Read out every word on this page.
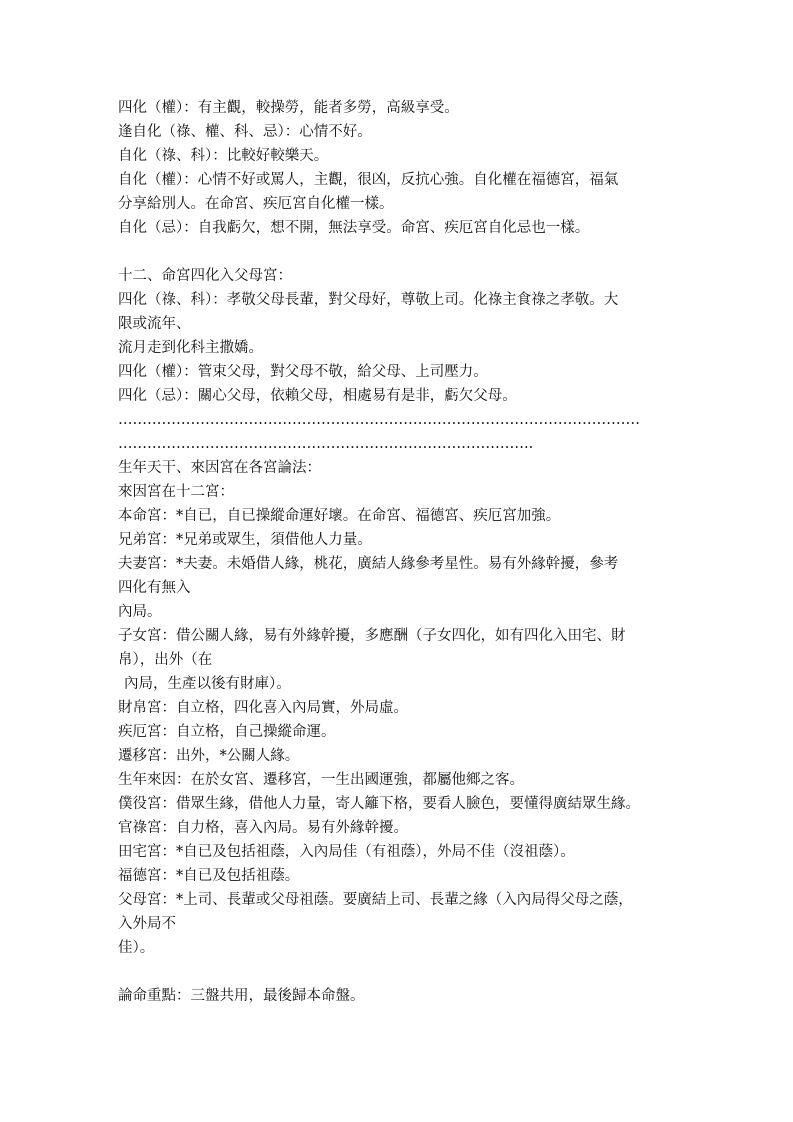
四化（權）：有主觀，較操勞，能者多勞，高級享受。
逢自化（祿、權、科、忌）：心情不好。
自化（祿、科）：比較好較樂天。
自化（權）：心情不好或罵人，主觀，很凶，反抗心強。自化權在福德宮，福氣
分享給別人。在命宮、疾厄宮自化權一樣。
自化（忌）：自我虧欠，想不開，無法享受。命宮、疾厄宮自化忌也一樣。
十二、命宮四化入父母宮：
四化（祿、科）：孝敬父母長輩，對父母好，尊敬上司。化祿主食祿之孝敬。大
限或流年、
流月走到化科主撒嬌。
四化（權）：管束父母，對父母不敬，給父母、上司壓力。
四化（忌）：關心父母，依賴父母，相處易有是非，虧欠父母。
………………………………………………………………………………………………
…………………………………………………………………………..
生年天干、來因宮在各宮論法：
來因宮在十二宮：
本命宮：*自已，自已操縱命運好壞。在命宮、福德宮、疾厄宮加強。
兄弟宮：*兄弟或眾生，須借他人力量。
夫妻宮：*夫妻。未婚借人緣，桃花，廣結人緣參考星性。易有外緣幹擾，參考
四化有無入
內局。
子女宮：借公關人緣，易有外緣幹擾，多應酬（子女四化，如有四化入田宅、財
帛），出外（在
內局，生產以後有財庫）。
財帛宮：自立格，四化喜入內局實，外局虛。
疾厄宮：自立格，自己操縱命運。
遷移宮：出外，*公關人緣。
生年來因：在於女宮、遷移宮，一生出國運強，都屬他鄉之客。
僕役宮：借眾生緣，借他人力量，寄人籬下格，要看人臉色，要懂得廣結眾生緣。
官祿宮：自力格，喜入內局。易有外緣幹擾。
田宅宮：*自已及包括祖蔭，入內局佳（有祖蔭），外局不佳（沒祖蔭）。
福德宮：*自已及包括祖蔭。
父母宮：*上司、長輩或父母祖蔭。要廣結上司、長輩之緣（入內局得父母之蔭，
入外局不
佳）。
論命重點：三盤共用，最後歸本命盤。
